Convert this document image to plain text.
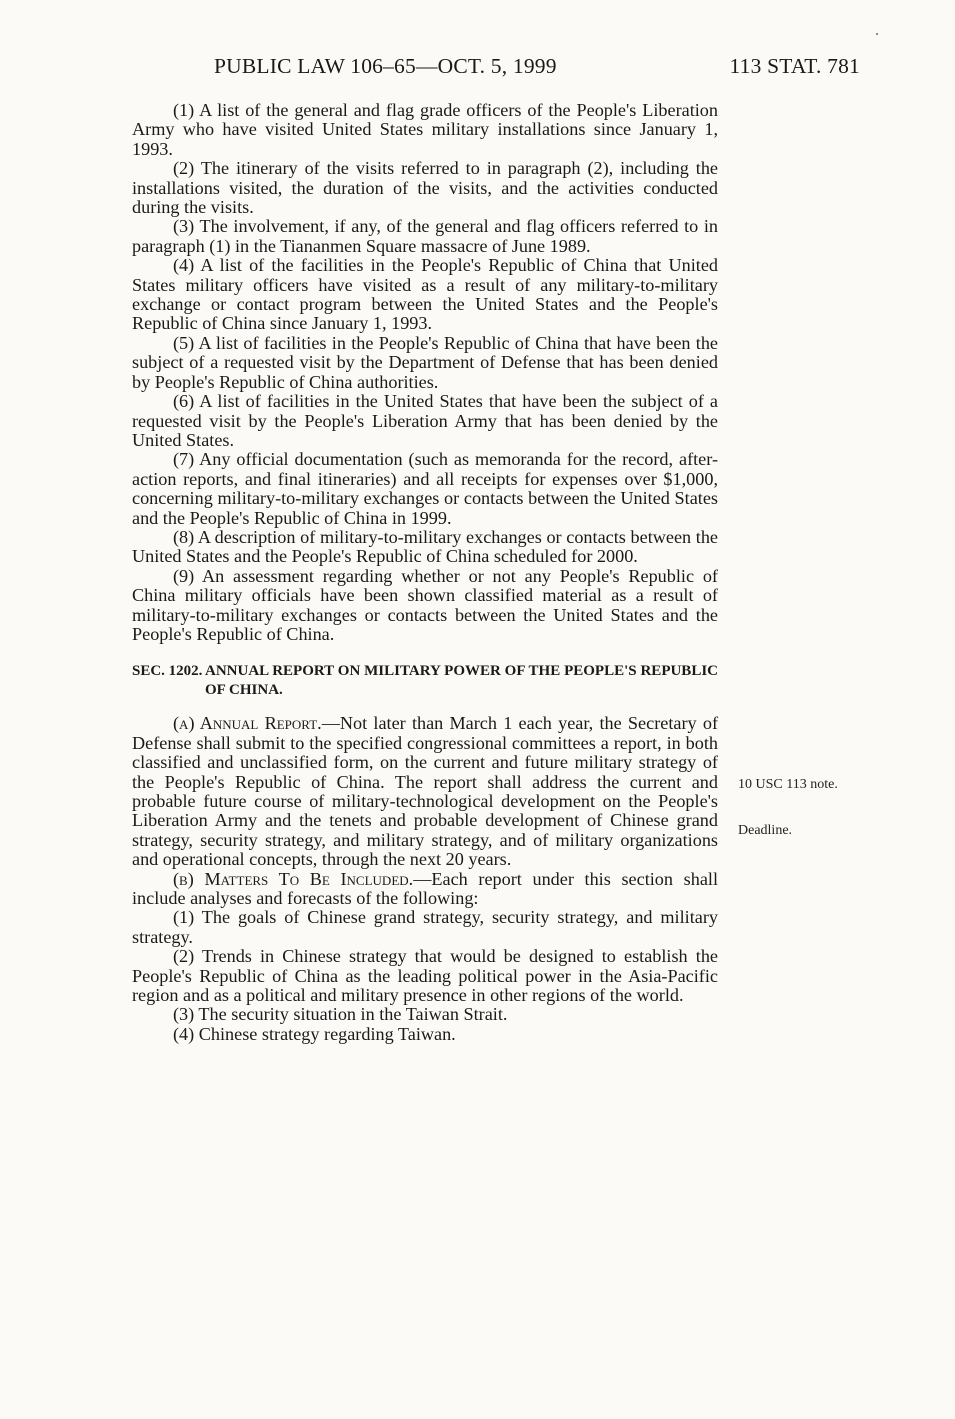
PUBLIC LAW 106–65—OCT. 5, 1999	113 STAT. 781

(1) A list of the general and flag grade officers of the People's Liberation Army who have visited United States military installations since January 1, 1993.

(2) The itinerary of the visits referred to in paragraph (2), including the installations visited, the duration of the visits, and the activities conducted during the visits.

(3) The involvement, if any, of the general and flag officers referred to in paragraph (1) in the Tiananmen Square massacre of June 1989.

(4) A list of the facilities in the People's Republic of China that United States military officers have visited as a result of any military-to-military exchange or contact program between the United States and the People's Republic of China since January 1, 1993.

(5) A list of facilities in the People's Republic of China that have been the subject of a requested visit by the Department of Defense that has been denied by People's Republic of China authorities.

(6) A list of facilities in the United States that have been the subject of a requested visit by the People's Liberation Army that has been denied by the United States.

(7) Any official documentation (such as memoranda for the record, after-action reports, and final itineraries) and all receipts for expenses over $1,000, concerning military-to-military exchanges or contacts between the United States and the People's Republic of China in 1999.

(8) A description of military-to-military exchanges or contacts between the United States and the People's Republic of China scheduled for 2000.

(9) An assessment regarding whether or not any People's Republic of China military officials have been shown classified material as a result of military-to-military exchanges or contacts between the United States and the People's Republic of China.

SEC. 1202. ANNUAL REPORT ON MILITARY POWER OF THE PEOPLE'S REPUBLIC OF CHINA.

(a) Annual Report.—Not later than March 1 each year, the Secretary of Defense shall submit to the specified congressional committees a report, in both classified and unclassified form, on the current and future military strategy of the People's Republic of China. The report shall address the current and probable future course of military-technological development on the People's Liberation Army and the tenets and probable development of Chinese grand strategy, security strategy, and military strategy, and of military organizations and operational concepts, through the next 20 years.

(b) Matters To Be Included.—Each report under this section shall include analyses and forecasts of the following:

(1) The goals of Chinese grand strategy, security strategy, and military strategy.

(2) Trends in Chinese strategy that would be designed to establish the People's Republic of China as the leading political power in the Asia-Pacific region and as a political and military presence in other regions of the world.

(3) The security situation in the Taiwan Strait.

(4) Chinese strategy regarding Taiwan.

10 USC 113 note.
Deadline.
